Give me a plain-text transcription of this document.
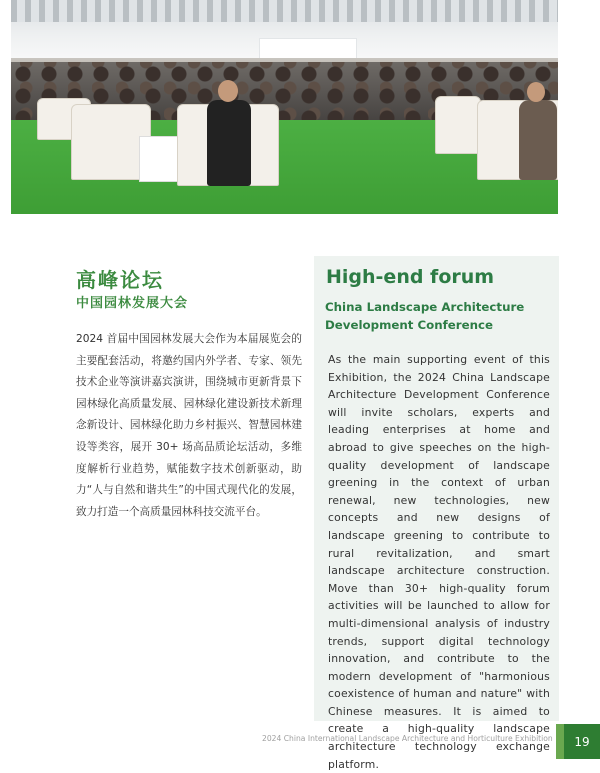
高峰论坛
中国园林发展大会

2024 首届中国园林发展大会作为本届展览会的主要配套活动，将邀约国内外学者、专家、领先技术企业等演讲嘉宾演讲，围绕城市更新背景下园林绿化高质量发展、园林绿化建设新技术新理念新设计、园林绿化助力乡村振兴、智慧园林建设等类容，展开 30+ 场高品质论坛活动，多维度解析行业趋势，赋能数字技术创新驱动，助力“人与自然和谐共生”的中国式现代化的发展，致力打造一个高质量园林科技交流平台。

High-end forum
China Landscape Architecture Development Conference

As the main supporting event of this Exhibition, the 2024 China Landscape Architecture Development Conference will invite scholars, experts and leading enterprises at home and abroad to give speeches on the high-quality development of landscape greening in the context of urban renewal, new technologies, new concepts and new designs of landscape greening to contribute to rural revitalization, and smart landscape architecture construction. Move than 30+ high-quality forum activities will be launched to allow for multi-dimensional analysis of industry trends, support digital technology innovation, and contribute to the modern development of "harmonious coexistence of human and nature" with Chinese measures. It is aimed to create a high-quality landscape architecture technology exchange platform.

2024 China International Landscape Architecture and Horticulture Exhibition 19
